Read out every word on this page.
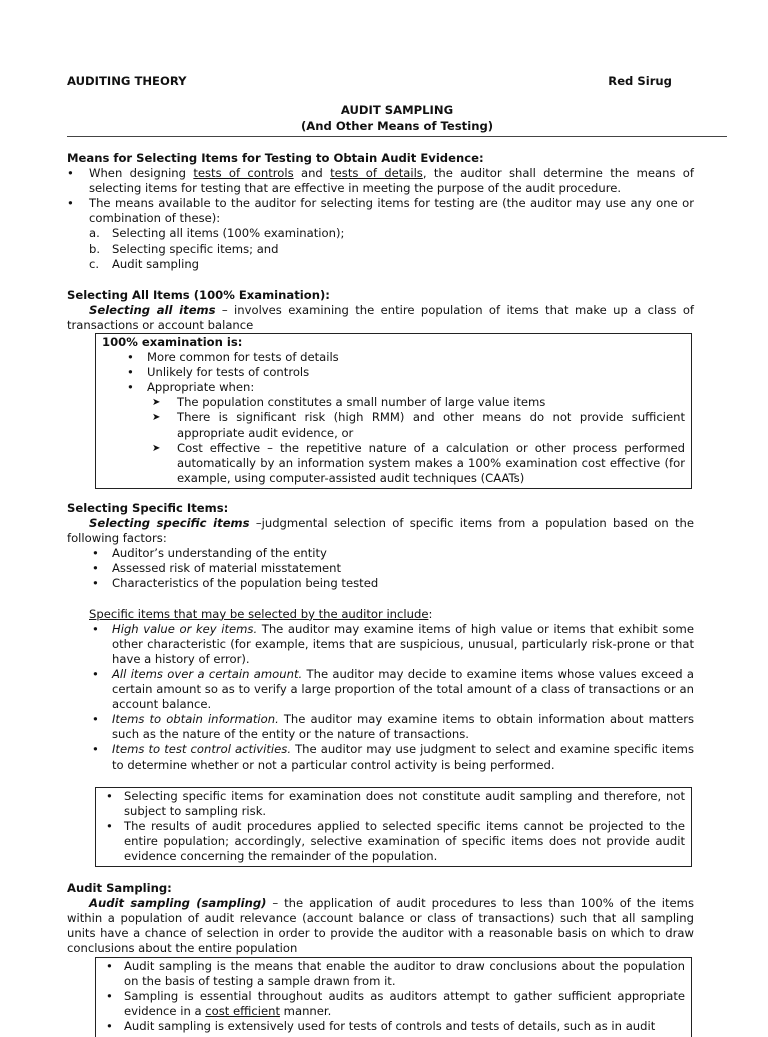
AUDITING THEORY	Red Sirug
AUDIT SAMPLING
(And Other Means of Testing)
Means for Selecting Items for Testing to Obtain Audit Evidence:
• When designing tests of controls and tests of details, the auditor shall determine the means of selecting items for testing that are effective in meeting the purpose of the audit procedure.
• The means available to the auditor for selecting items for testing are (the auditor may use any one or combination of these):
a. Selecting all items (100% examination);
b. Selecting specific items; and
c. Audit sampling
Selecting All Items (100% Examination):
Selecting all items – involves examining the entire population of items that make up a class of transactions or account balance
100% examination is:
• More common for tests of details
• Unlikely for tests of controls
• Appropriate when:
➤ The population constitutes a small number of large value items
➤ There is significant risk (high RMM) and other means do not provide sufficient appropriate audit evidence, or
➤ Cost effective – the repetitive nature of a calculation or other process performed automatically by an information system makes a 100% examination cost effective (for example, using computer-assisted audit techniques (CAATs)
Selecting Specific Items:
Selecting specific items –judgmental selection of specific items from a population based on the following factors:
• Auditor’s understanding of the entity
• Assessed risk of material misstatement
• Characteristics of the population being tested
Specific items that may be selected by the auditor include:
• High value or key items. The auditor may examine items of high value or items that exhibit some other characteristic (for example, items that are suspicious, unusual, particularly risk-prone or that have a history of error).
• All items over a certain amount. The auditor may decide to examine items whose values exceed a certain amount so as to verify a large proportion of the total amount of a class of transactions or an account balance.
• Items to obtain information. The auditor may examine items to obtain information about matters such as the nature of the entity or the nature of transactions.
• Items to test control activities. The auditor may use judgment to select and examine specific items to determine whether or not a particular control activity is being performed.
• Selecting specific items for examination does not constitute audit sampling and therefore, not subject to sampling risk.
• The results of audit procedures applied to selected specific items cannot be projected to the entire population; accordingly, selective examination of specific items does not provide audit evidence concerning the remainder of the population.
Audit Sampling:
Audit sampling (sampling) – the application of audit procedures to less than 100% of the items within a population of audit relevance (account balance or class of transactions) such that all sampling units have a chance of selection in order to provide the auditor with a reasonable basis on which to draw conclusions about the entire population
• Audit sampling is the means that enable the auditor to draw conclusions about the population on the basis of testing a sample drawn from it.
• Sampling is essential throughout audits as auditors attempt to gather sufficient appropriate evidence in a cost efficient manner.
• Audit sampling is extensively used for tests of controls and tests of details, such as in audit
